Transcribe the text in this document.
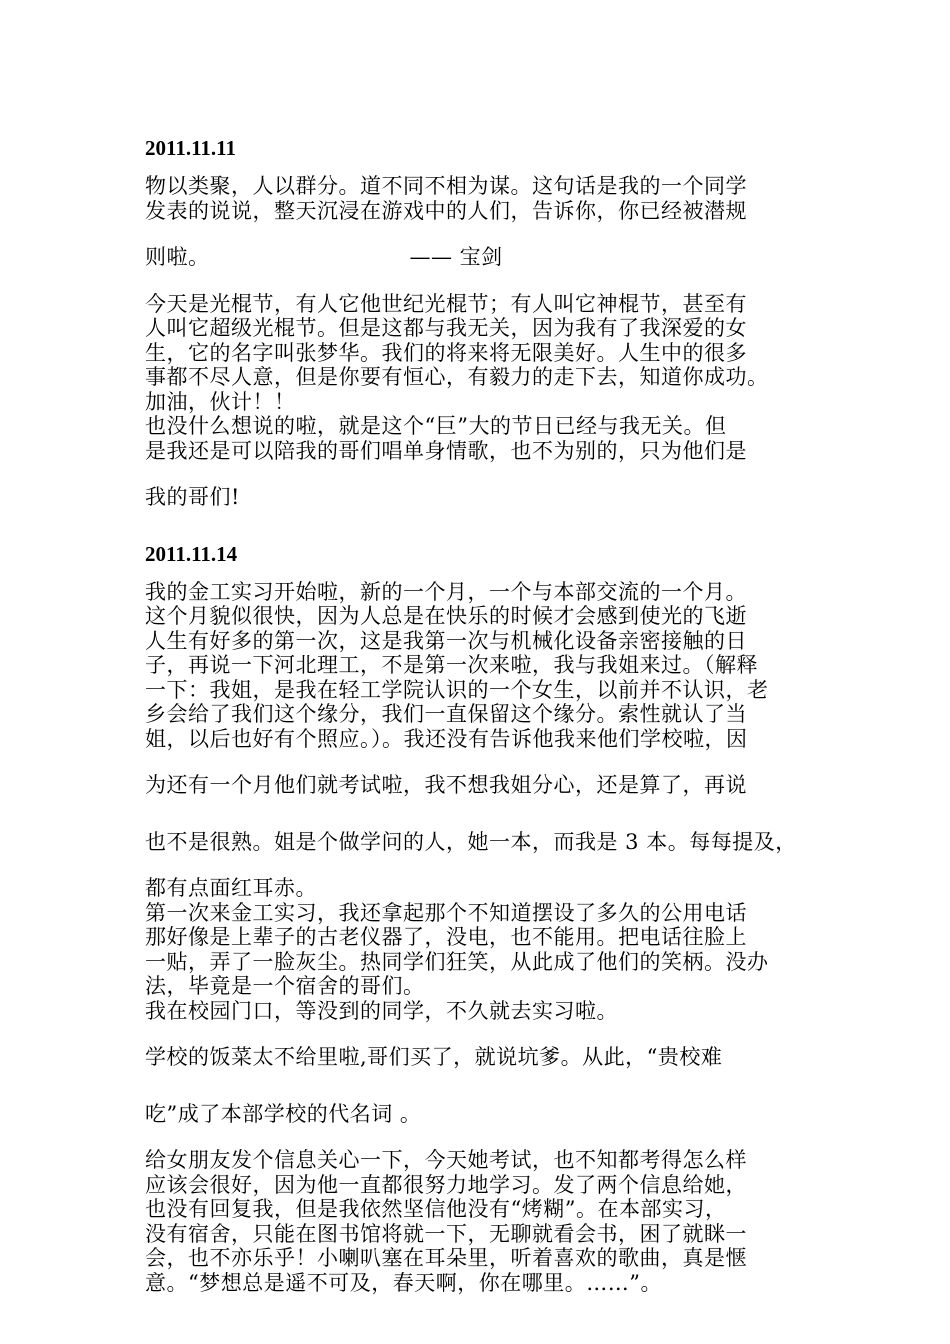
2011.11.11
物以类聚，人以群分。道不同不相为谋。这句话是我的一个同学
发表的说说，整天沉浸在游戏中的人们，告诉你，你已经被潜规
则啦。	—— 宝剑
今天是光棍节，有人它他世纪光棍节；有人叫它神棍节，甚至有
人叫它超级光棍节。但是这都与我无关，因为我有了我深爱的女
生，它的名字叫张梦华。我们的将来将无限美好。人生中的很多
事都不尽人意，但是你要有恒心，有毅力的走下去，知道你成功。
加油，伙计！！
也没什么想说的啦，就是这个“巨”大的节日已经与我无关。但
是我还是可以陪我的哥们唱单身情歌，也不为别的，只为他们是
我的哥们!
2011.11.14
我的金工实习开始啦，新的一个月，一个与本部交流的一个月。
这个月貌似很快，因为人总是在快乐的时候才会感到使光的飞逝
人生有好多的第一次，这是我第一次与机械化设备亲密接触的日
子，再说一下河北理工，不是第一次来啦，我与我姐来过。（解释
一下：我姐，是我在轻工学院认识的一个女生，以前并不认识，老
乡会给了我们这个缘分，我们一直保留这个缘分。索性就认了当
姐，以后也好有个照应。）。我还没有告诉他我来他们学校啦，因
为还有一个月他们就考试啦，我不想我姐分心，还是算了，再说
也不是很熟。姐是个做学问的人，她一本，而我是 3 本。每每提及，
都有点面红耳赤。
第一次来金工实习，我还拿起那个不知道摆设了多久的公用电话
那好像是上辈子的古老仪器了，没电，也不能用。把电话往脸上
一贴，弄了一脸灰尘。热同学们狂笑，从此成了他们的笑柄。没办
法，毕竟是一个宿舍的哥们。
我在校园门口，等没到的同学，不久就去实习啦。
学校的饭菜太不给里啦,哥们买了，就说坑爹。从此，“贵校难
吃”成了本部学校的代名词 。
给女朋友发个信息关心一下，今天她考试，也不知都考得怎么样
应该会很好，因为他一直都很努力地学习。发了两个信息给她，
也没有回复我，但是我依然坚信他没有“烤糊”。在本部实习，
没有宿舍，只能在图书馆将就一下，无聊就看会书，困了就眯一
会，也不亦乐乎！小喇叭塞在耳朵里，听着喜欢的歌曲，真是惬
意。“梦想总是遥不可及，春天啊，你在哪里。……”。
